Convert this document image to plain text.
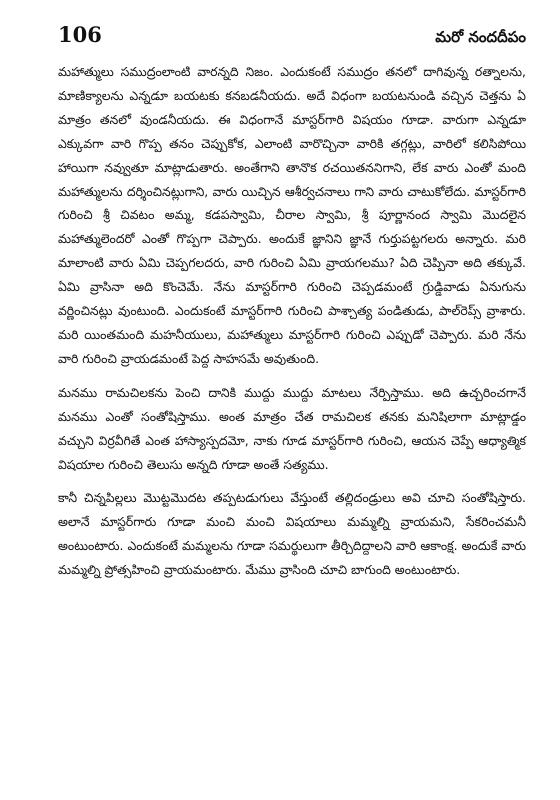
106	మరో నందదీపం

మహాత్ములు సముద్రంలాంటి వారన్నది నిజం. ఎందుకంటే సముద్రం తనలో దాగివున్న రత్నాలను, మాణిక్యాలను ఎన్నడూ బయటకు కనబడనీయదు. అదే విధంగా బయటనుండి వచ్చిన చెత్తను ఏ మాత్రం తనలో వుండనీయదు. ఈ విధంగానే మాస్టర్‌గారి విషయం గూడా. వారుగా ఎన్నడూ ఎక్కువగా వారి గొప్ప తనం చెప్పుకోక, ఎలాంటి వారొచ్చినా వారికి తగ్గట్లు, వారిలో కలిసిపోయి హాయిగా నవ్వుతూ మాట్లాడుతారు. అంతేగాని తానొక రచయితననిగాని, లేక వారు ఎంతో మంది మహాత్ములను దర్శించినట్లుగాని, వారు యిచ్చిన ఆశీర్వచనాలు గాని వారు చాటుకోలేదు. మాస్టర్‌గారి గురించి శ్రీ చివటం అమ్మ, కడపస్వామి, చీరాల స్వామి, శ్రీ పూర్ణానంద స్వామి మొదలైన మహాత్ములెందరో ఎంతో గొప్పగా చెప్పారు. అందుకే జ్ఞానిని జ్ఞానే గుర్తుపట్టగలరు అన్నారు. మరి మాలాంటి వారు ఏమి చెప్పగలదరు, వారి గురించి ఏమి వ్రాయగలము? ఏది చెప్పినా అది తక్కువే. ఏమి వ్రాసినా అది కొంచెమే. నేను మాస్టర్‌గారి గురించి చెప్పడమంటే గ్రుడ్డివాడు ఏనుగును వర్ణించినట్లు వుంటుంది. ఎందుకంటే మాస్టర్‌గారి గురించి పాశ్చాత్య పండితుడు, పాల్‌రెప్స్ వ్రాశారు. మరి యింతమంది మహనీయులు, మహాత్ములు మాస్టర్‌గారి గురించి ఎప్పుడో చెప్పారు. మరి నేను వారి గురించి వ్రాయడమంటే పెద్ద సాహసమే అవుతుంది.

మనము రామచిలకను పెంచి దానికి ముద్దు ముద్దు మాటలు నేర్పిస్తాము. అది ఉచ్చరించగానే మనము ఎంతో సంతోషిస్తాము. అంత మాత్రం చేత రామచిలక తనకు మనిషిలాగా మాట్లాడ్డం వచ్చుని విర్రవీగితే ఎంత హాస్యాస్పదమో, నాకు గూడ మాస్టర్‌గారి గురించి, ఆయన చెప్పే ఆధ్యాత్మిక విషయాల గురించి తెలుసు అన్నది గూడా అంతే సత్యము.

కానీ చిన్నపిల్లలు మొట్టమొదట తప్పటడుగులు వేస్తుంటే తల్లిదండ్రులు అవి చూచి సంతోషిస్తారు. అలానే మాస్టర్‌గారు గూడా మంచి మంచి విషయాలు మమ్మల్ని వ్రాయమని, సేకరించమనీ అంటుంటారు. ఎందుకంటే మమ్మలను గూడా సమర్థులుగా తీర్చిదిద్దాలని వారి ఆకాంక్ష. అందుకే వారు మమ్మల్ని ప్రోత్సహించి వ్రాయమంటారు. మేము వ్రాసింది చూచి బాగుంది అంటుంటారు.
